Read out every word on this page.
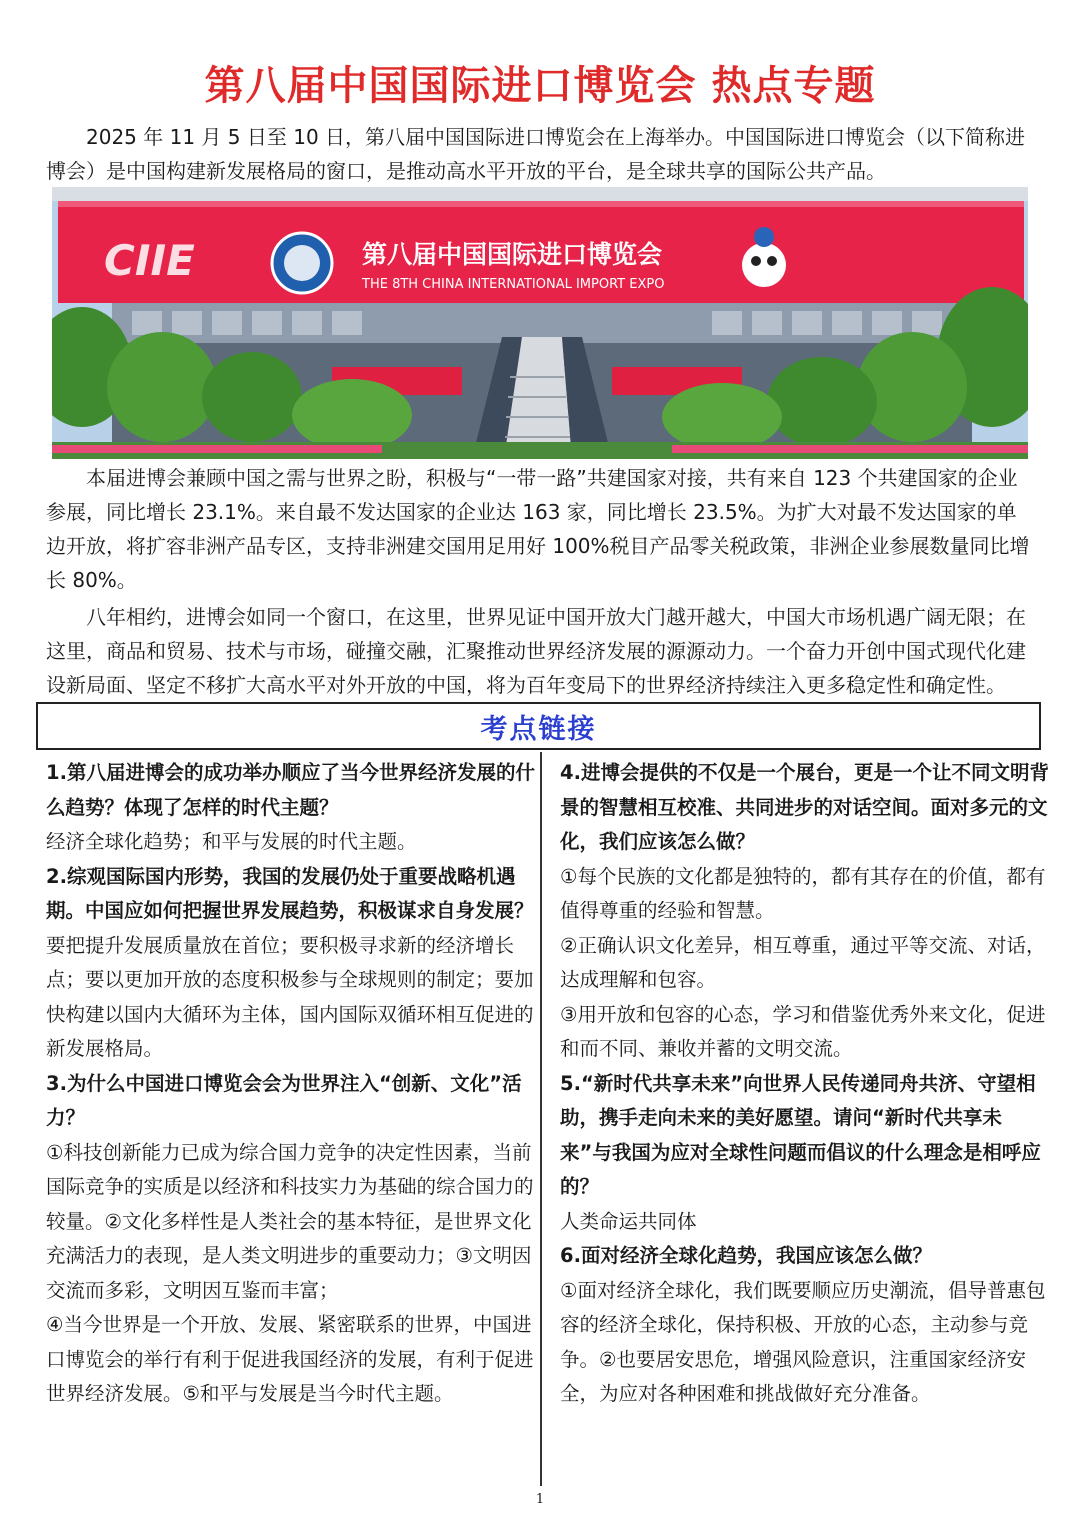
第八届中国国际进口博览会 热点专题

2025 年 11 月 5 日至 10 日，第八届中国国际进口博览会在上海举办。中国国际进口博览会（以下简称进博会）是中国构建新发展格局的窗口，是推动高水平开放的平台，是全球共享的国际公共产品。

CIIE	第八届中国国际进口博览会
THE 8TH CHINA INTERNATIONAL IMPORT EXPO

本届进博会兼顾中国之需与世界之盼，积极与“一带一路”共建国家对接，共有来自 123 个共建国家的企业参展，同比增长 23.1%。来自最不发达国家的企业达 163 家，同比增长 23.5%。为扩大对最不发达国家的单边开放，将扩容非洲产品专区，支持非洲建交国用足用好 100%税目产品零关税政策，非洲企业参展数量同比增长 80%。

八年相约，进博会如同一个窗口，在这里，世界见证中国开放大门越开越大，中国大市场机遇广阔无限；在这里，商品和贸易、技术与市场，碰撞交融，汇聚推动世界经济发展的源源动力。一个奋力开创中国式现代化建设新局面、坚定不移扩大高水平对外开放的中国，将为百年变局下的世界经济持续注入更多稳定性和确定性。

考点链接

1.第八届进博会的成功举办顺应了当今世界经济发展的什么趋势？体现了怎样的时代主题？

经济全球化趋势；和平与发展的时代主题。

2.综观国际国内形势，我国的发展仍处于重要战略机遇期。中国应如何把握世界发展趋势，积极谋求自身发展？

要把提升发展质量放在首位；要积极寻求新的经济增长点；要以更加开放的态度积极参与全球规则的制定；要加快构建以国内大循环为主体，国内国际双循环相互促进的新发展格局。

3.为什么中国进口博览会会为世界注入“创新、文化”活力？

①科技创新能力已成为综合国力竞争的决定性因素，当前国际竞争的实质是以经济和科技实力为基础的综合国力的较量。②文化多样性是人类社会的基本特征，是世界文化充满活力的表现，是人类文明进步的重要动力；③文明因交流而多彩，文明因互鉴而丰富；

④当今世界是一个开放、发展、紧密联系的世界，中国进口博览会的举行有利于促进我国经济的发展，有利于促进世界经济发展。⑤和平与发展是当今时代主题。

4.进博会提供的不仅是一个展台，更是一个让不同文明背景的智慧相互校准、共同进步的对话空间。面对多元的文化，我们应该怎么做？

①每个民族的文化都是独特的，都有其存在的价值，都有值得尊重的经验和智慧。

②正确认识文化差异，相互尊重，通过平等交流、对话，达成理解和包容。

③用开放和包容的心态，学习和借鉴优秀外来文化，促进和而不同、兼收并蓄的文明交流。

5.“新时代共享未来”向世界人民传递同舟共济、守望相助，携手走向未来的美好愿望。请问“新时代共享未来”与我国为应对全球性问题而倡议的什么理念是相呼应的？

人类命运共同体

6.面对经济全球化趋势，我国应该怎么做？

①面对经济全球化，我们既要顺应历史潮流，倡导普惠包容的经济全球化，保持积极、开放的心态，主动参与竞争。②也要居安思危，增强风险意识，注重国家经济安全，为应对各种困难和挑战做好充分准备。

1
